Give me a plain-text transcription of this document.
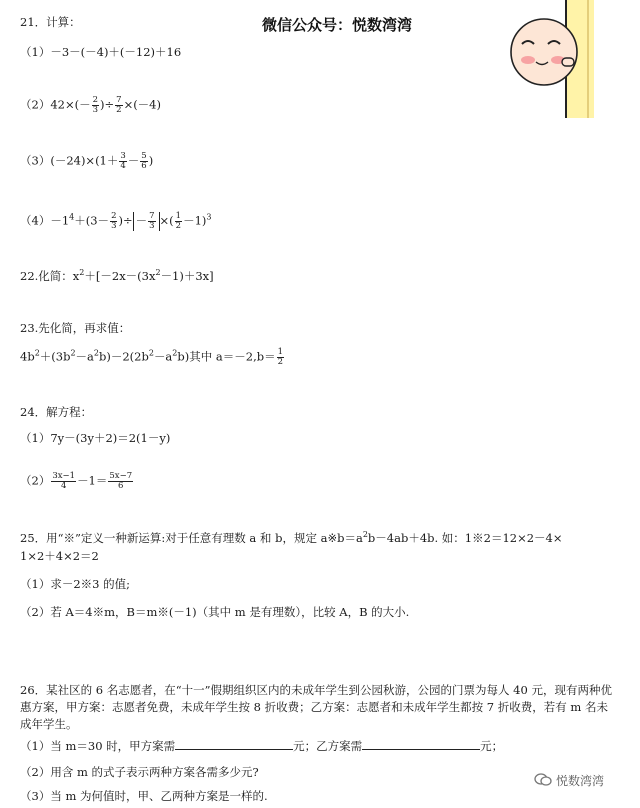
微信公众号：悦数湾湾
21．计算：
（1）－3－(－4)＋(－12)＋16
$(2)42\times(- \frac{2}{3}$ )÷ $\frac{7}{2} \times(-4)$
$(3)(-24)\times(1+ \frac{3}{4} - \frac{5}{6}$ )
$(4)-1^4+(3- \frac{2}{3}$ )÷ － $\frac{7}{3}$ ×( $\frac{1}{2} -1)^3$
22.化简：$x^2+[-2x-(3x^2-1)+3x]$
23.先化简，再求值：
$4b^2+(3b^2-a^2b)-2(2b^2-a^2b)$其中 $a=-2,b= \frac{1}{2}$
24．解方程：
（1）7y－(3y＋2)＝2(1－y)
$(2) \frac{3x-1}{4} -1= \frac{5x-7}{6}$
25．用“※”定义一种新运算:对于任意有理数 a 和 b，规定 $a※b=a^2b-4ab+4b$. 如：1※2＝12×2－4×
1×2＋4×2＝2
（1）求－2※3 的值;
（2）若 A＝4※m，B＝m※(－1)（其中 m 是有理数），比较 A，B 的大小.
26．某社区的 6 名志愿者，在“十一”假期组织区内的未成年学生到公园秋游，公园的门票为每人 40 元，现有两种优惠方案，甲方案：志愿者免费，未成年学生按 8 折收费；乙方案：志愿者和未成年学生都按 7 折收费，若有 m 名未成年学生。
（1）当 m＝30 时，甲方案需	元；乙方案需	元；
（2）用含 m 的式子表示两种方案各需多少元?
（3）当 m 为何值时，甲、乙两种方案是一样的.
悦数湾湾
